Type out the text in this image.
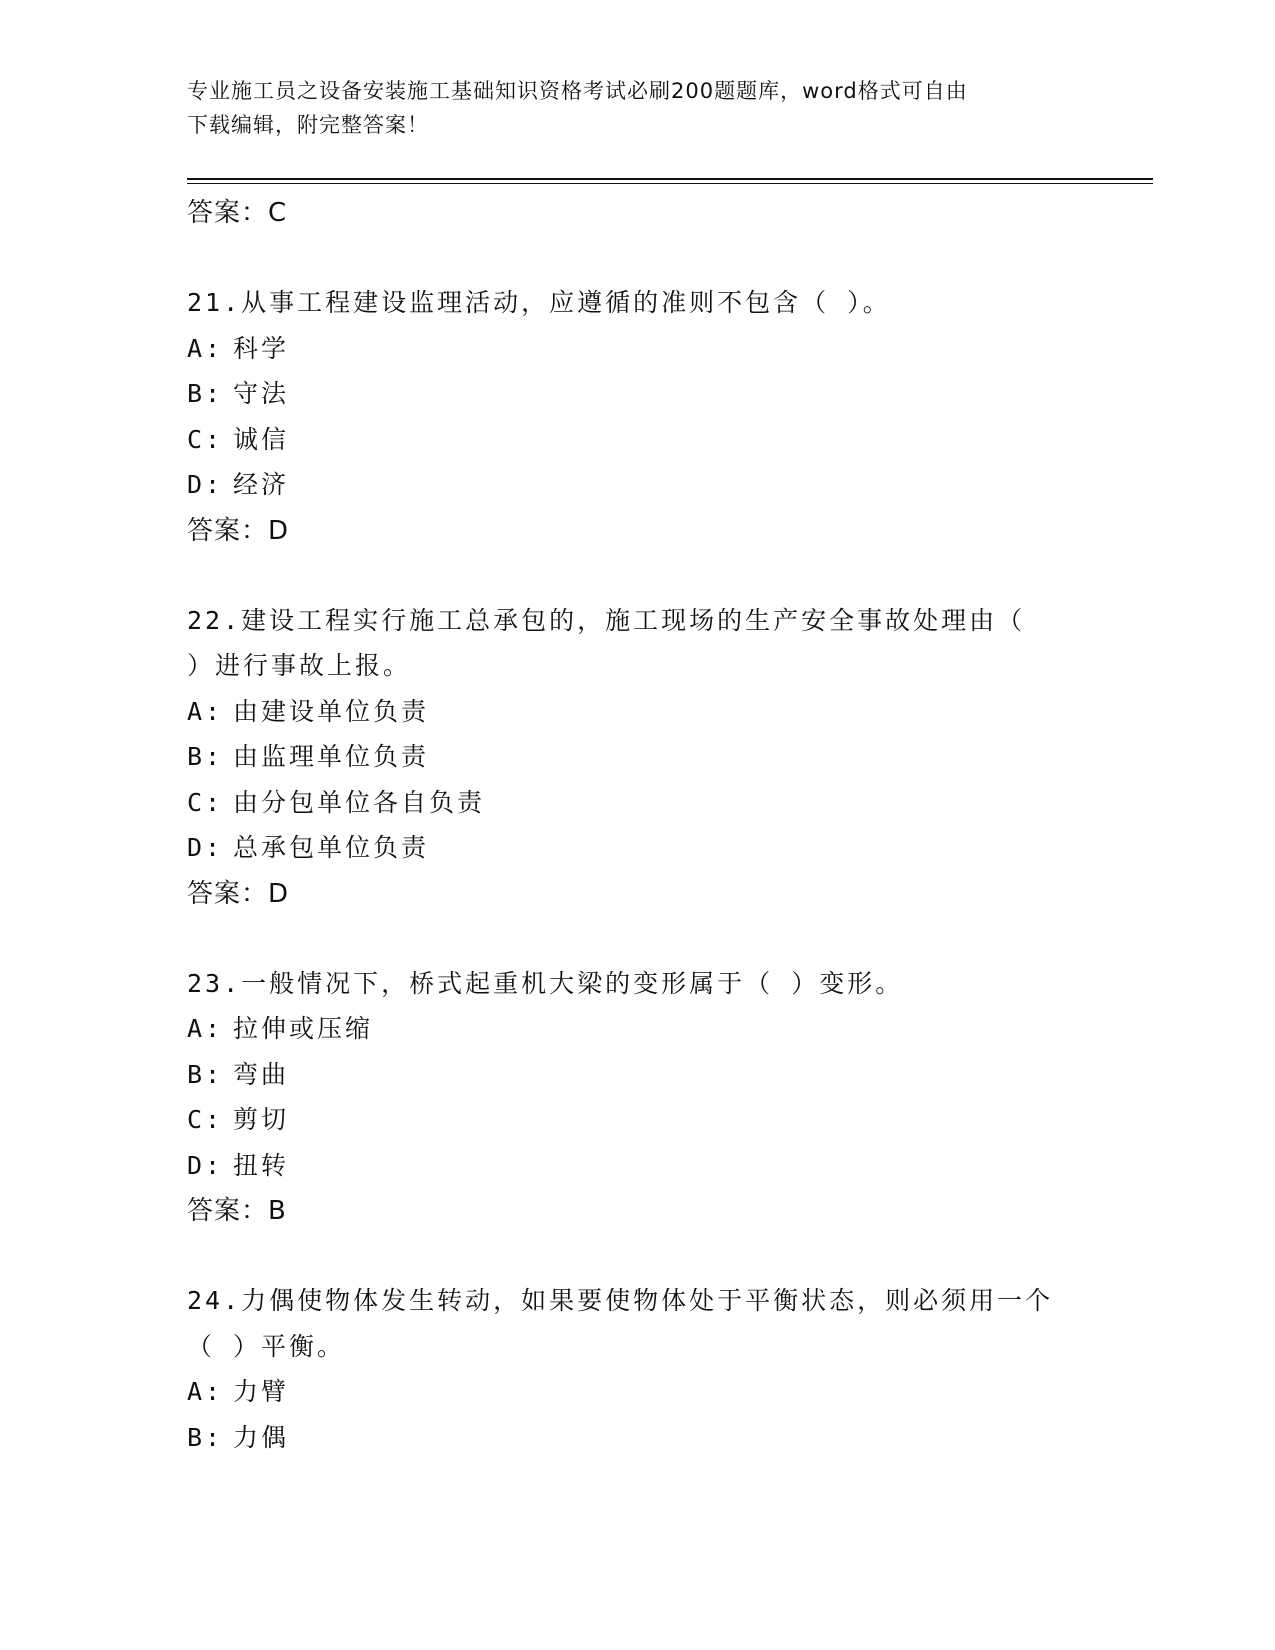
专业施工员之设备安装施工基础知识资格考试必刷200题题库，word格式可自由
下载编辑，附完整答案！
答案：C
21.从事工程建设监理活动，应遵循的准则不包含（ ）。
A: 科学
B: 守法
C: 诚信
D: 经济
答案：D
22.建设工程实行施工总承包的，施工现场的生产安全事故处理由（
）进行事故上报。
A: 由建设单位负责
B: 由监理单位负责
C: 由分包单位各自负责
D: 总承包单位负责
答案：D
23.一般情况下，桥式起重机大梁的变形属于（ ）变形。
A: 拉伸或压缩
B: 弯曲
C: 剪切
D: 扭转
答案：B
24.力偶使物体发生转动，如果要使物体处于平衡状态，则必须用一个
（ ）平衡。
A: 力臂
B: 力偶
